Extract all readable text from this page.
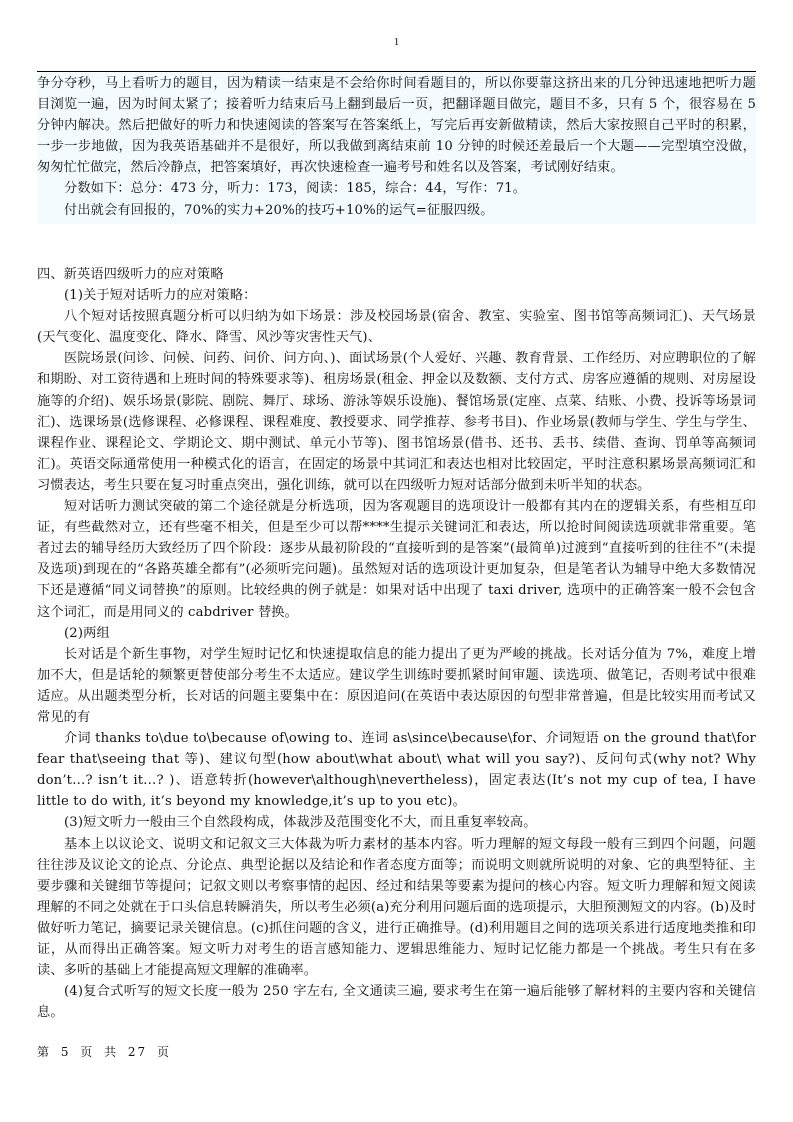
1

争分夺秒，马上看听力的题目，因为精读一结束是不会给你时间看题目的，所以你要靠这挤出来的几分钟迅速地把听力题目浏览一遍，因为时间太紧了；接着听力结束后马上翻到最后一页，把翻译题目做完，题目不多，只有 5 个，很容易在 5 分钟内解决。然后把做好的听力和快速阅读的答案写在答案纸上，写完后再安新做精读，然后大家按照自己平时的积累，一步一步地做，因为我英语基础并不是很好，所以我做到离结束前 10 分钟的时候还差最后一个大题——完型填空没做，匆匆忙忙做完，然后冷静点，把答案填好，再次快速检查一遍考号和姓名以及答案，考试刚好结束。

分数如下：总分：473 分，听力：173，阅读：185，综合：44，写作：71。

付出就会有回报的，70%的实力+20%的技巧+10%的运气=征服四级。

四、新英语四级听力的应对策略

(1)关于短对话听力的应对策略：

八个短对话按照真题分析可以归纳为如下场景：涉及校园场景(宿舍、教室、实验室、图书馆等高频词汇)、天气场景(天气变化、温度变化、降水、降雪、风沙等灾害性天气)、

医院场景(问诊、问候、问药、问价、问方向、)、面试场景(个人爱好、兴趣、教育背景、工作经历、对应聘职位的了解和期盼、对工资待遇和上班时间的特殊要求等)、租房场景(租金、押金以及数额、支付方式、房客应遵循的规则、对房屋设施等的介绍)、娱乐场景(影院、剧院、舞厅、球场、游泳等娱乐设施)、餐馆场景(定座、点菜、结账、小费、投诉等场景词汇)、选课场景(选修课程、必修课程、课程难度、教授要求、同学推荐、参考书目)、作业场景(教师与学生、学生与学生、课程作业、课程论文、学期论文、期中测试、单元小节等)、图书馆场景(借书、还书、丢书、续借、查询、罚单等高频词汇)。英语交际通常使用一种模式化的语言，在固定的场景中其词汇和表达也相对比较固定，平时注意积累场景高频词汇和习惯表达，考生只要在复习时重点突出，强化训练，就可以在四级听力短对话部分做到未听半知的状态。

短对话听力测试突破的第二个途径就是分析选项，因为客观题目的选项设计一般都有其内在的逻辑关系，有些相互印证，有些截然对立，还有些毫不相关，但是至少可以帮****生提示关键词汇和表达，所以抢时间阅读选项就非常重要。笔者过去的辅导经历大致经历了四个阶段：逐步从最初阶段的“直接听到的是答案”(最简单)过渡到“直接听到的往往不”(未提及选项)到现在的“各路英雄全都有”(必须听完问题)。虽然短对话的选项设计更加复杂，但是笔者认为辅导中绝大多数情况下还是遵循“同义词替换”的原则。比较经典的例子就是：如果对话中出现了 taxi driver, 选项中的正确答案一般不会包含这个词汇，而是用同义的 cabdriver 替换。

(2)两组

长对话是个新生事物，对学生短时记忆和快速提取信息的能力提出了更为严峻的挑战。长对话分值为 7%，难度上增加不大，但是话轮的频繁更替使部分考生不太适应。建议学生训练时要抓紧时间审题、读选项、做笔记，否则考试中很难适应。从出题类型分析，长对话的问题主要集中在：原因追问(在英语中表达原因的句型非常普遍，但是比较实用而考试又常见的有

介词 thanks to\due to\because of\owing to、连词 as\since\because\for、介词短语 on the ground that\for fear that\seeing that 等)、建议句型(how about\what about\ what will you say?)、反问句式(why not? Why don’t…? isn’t it…? )、语意转折(however\although\nevertheless)，固定表达(It’s not my cup of tea, I have little to do with, it’s beyond my knowledge,it’s up to you etc)。

(3)短文听力一般由三个自然段构成，体裁涉及范围变化不大，而且重复率较高。

基本上以议论文、说明文和记叙文三大体裁为听力素材的基本内容。听力理解的短文每段一般有三到四个问题，问题往往涉及议论文的论点、分论点、典型论据以及结论和作者态度方面等；而说明文则就所说明的对象、它的典型特征、主要步骤和关键细节等提问；记叙文则以考察事情的起因、经过和结果等要素为提问的核心内容。短文听力理解和短文阅读理解的不同之处就在于口头信息转瞬消失，所以考生必须(a)充分利用问题后面的选项提示，大胆预测短文的内容。(b)及时做好听力笔记，摘要记录关键信息。(c)抓住问题的含义，进行正确推导。(d)利用题目之间的选项关系进行适度地类推和印证，从而得出正确答案。短文听力对考生的语言感知能力、逻辑思维能力、短时记忆能力都是一个挑战。考生只有在多读、多听的基础上才能提高短文理解的准确率。

(4)复合式听写的短文长度一般为 250 字左右, 全文通读三遍, 要求考生在第一遍后能够了解材料的主要内容和关键信息。

第 5 页 共 27 页
